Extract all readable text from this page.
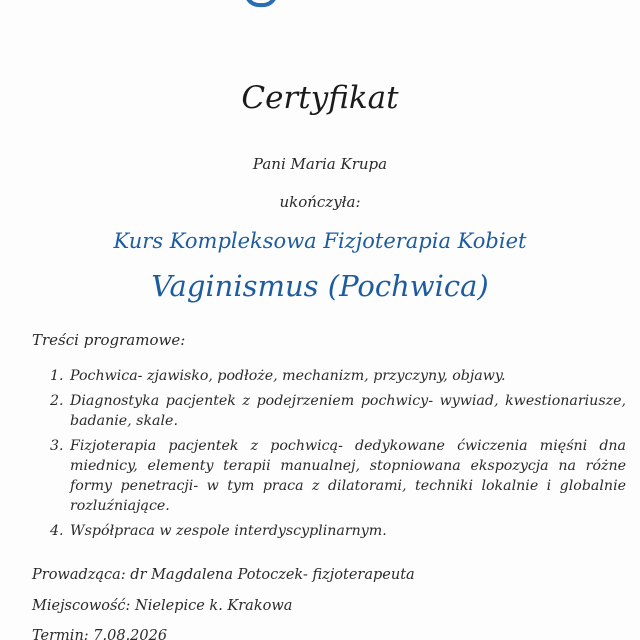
Certyfikat
Pani Maria Krupa
ukończyła:
Kurs Kompleksowa Fizjoterapia Kobiet
Vaginismus (Pochwica)
Treści programowe:
1. Pochwica- zjawisko, podłoże, mechanizm, przyczyny, objawy.
2. Diagnostyka pacjentek z podejrzeniem pochwicy- wywiad, kwestionariusze, badanie, skale.
3. Fizjoterapia pacjentek z pochwicą- dedykowane ćwiczenia mięśni dna miednicy, elementy terapii manualnej, stopniowana ekspozycja na różne formy penetracji- w tym praca z dilatorami, techniki lokalnie i globalnie rozluźniające.
4. Współpraca w zespole interdyscyplinarnym.
Prowadząca: dr Magdalena Potoczek- fizjoterapeuta
Miejscowość: Nielepice k. Krakowa
Termin: 7.08.2026
